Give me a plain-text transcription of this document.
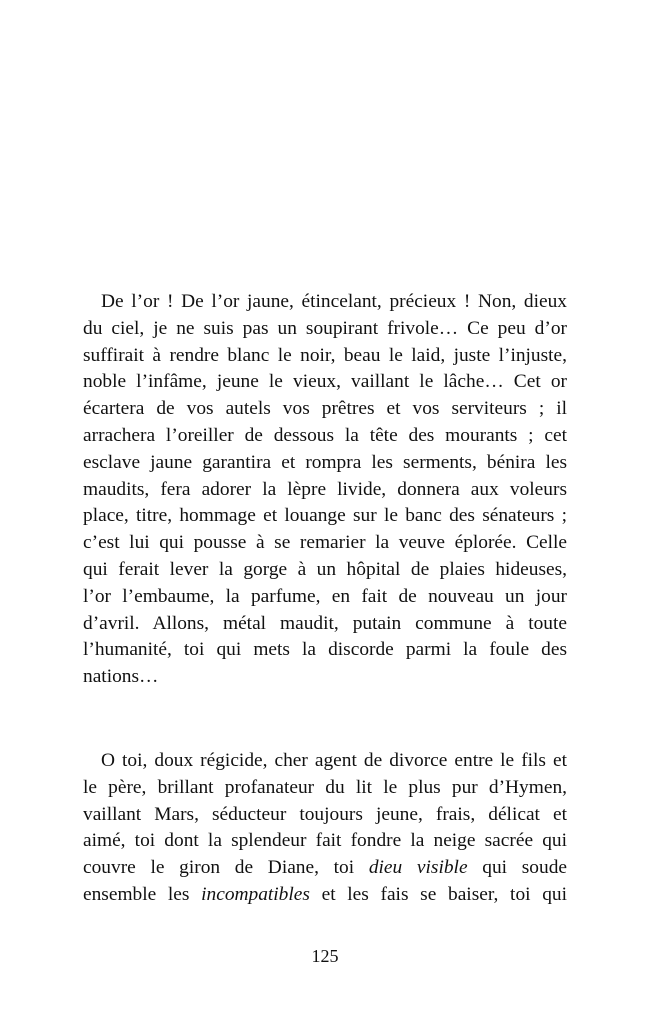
De l’or ! De l’or jaune, étincelant, précieux ! Non, dieux
du ciel, je ne suis pas un soupirant frivole… Ce peu d’or
suffirait à rendre blanc le noir, beau le laid, juste l’injuste,
noble l’infâme, jeune le vieux, vaillant le lâche… Cet or
écartera de vos autels vos prêtres et vos serviteurs ; il
arrachera l’oreiller de dessous la tête des mourants ; cet
esclave jaune garantira et rompra les serments, bénira les
maudits, fera adorer la lèpre livide, donnera aux voleurs
place, titre, hommage et louange sur le banc des sénateurs ;
c’est lui qui pousse à se remarier la veuve éplorée. Celle
qui ferait lever la gorge à un hôpital de plaies hideuses,
l’or l’embaume, la parfume, en fait de nouveau un jour
d’avril. Allons, métal maudit, putain commune à toute
l’humanité, toi qui mets la discorde parmi la foule des
nations…
O toi, doux régicide, cher agent de divorce entre le fils et
le père, brillant profanateur du lit le plus pur d’Hymen,
vaillant Mars, séducteur toujours jeune, frais, délicat et
aimé, toi dont la splendeur fait fondre la neige sacrée qui
couvre le giron de Diane, toi dieu visible qui soude
ensemble les incompatibles et les fais se baiser, toi qui
125
